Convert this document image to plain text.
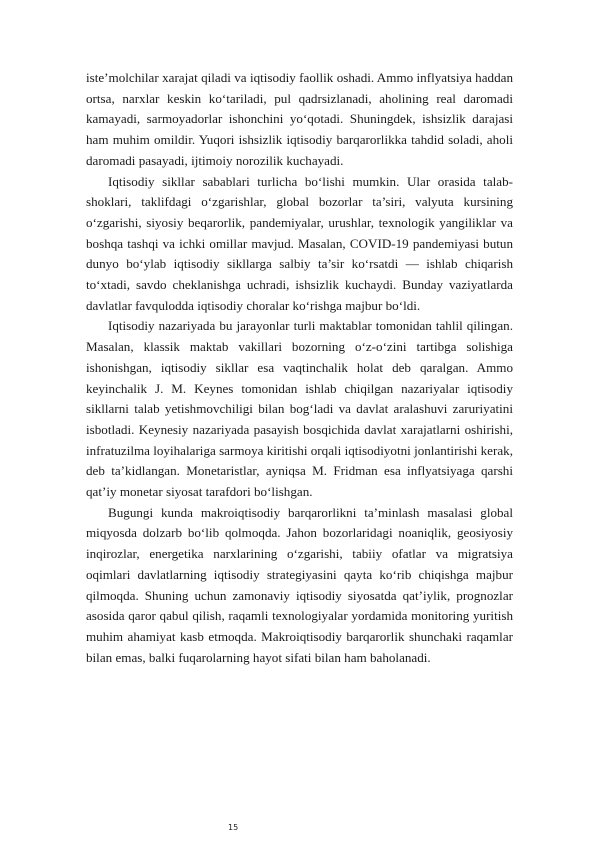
iste’molchilar xarajat qiladi va iqtisodiy faollik oshadi. Ammo inflyatsiya haddan ortsa, narxlar keskin ko‘tariladi, pul qadrsizlanadi, aholining real daromadi kamayadi, sarmoyadorlar ishonchini yo‘qotadi. Shuningdek, ishsizlik darajasi ham muhim omildir. Yuqori ishsizlik iqtisodiy barqarorlikka tahdid soladi, aholi daromadi pasayadi, ijtimoiy norozilik kuchayadi.

Iqtisodiy sikllar sabablari turlicha bo‘lishi mumkin. Ular orasida talab-shoklari, taklifdagi o‘zgarishlar, global bozorlar ta’siri, valyuta kursining o‘zgarishi, siyosiy beqarorlik, pandemiyalar, urushlar, texnologik yangiliklar va boshqa tashqi va ichki omillar mavjud. Masalan, COVID-19 pandemiyasi butun dunyo bo‘ylab iqtisodiy sikllarga salbiy ta’sir ko‘rsatdi — ishlab chiqarish to‘xtadi, savdo cheklanishga uchradi, ishsizlik kuchaydi. Bunday vaziyatlarda davlatlar favqulodda iqtisodiy choralar ko‘rishga majbur bo‘ldi.

Iqtisodiy nazariyada bu jarayonlar turli maktablar tomonidan tahlil qilingan. Masalan, klassik maktab vakillari bozorning o‘z-o‘zini tartibga solishiga ishonishgan, iqtisodiy sikllar esa vaqtinchalik holat deb qaralgan. Ammo keyinchalik J. M. Keynes tomonidan ishlab chiqilgan nazariyalar iqtisodiy sikllarni talab yetishmovchiligi bilan bog‘ladi va davlat aralashuvi zaruriyatini isbotladi. Keynesiy nazariyada pasayish bosqichida davlat xarajatlarni oshirishi, infratuzilma loyihalariga sarmoya kiritishi orqali iqtisodiyotni jonlantirishi kerak, deb ta’kidlangan. Monetaristlar, ayniqsa M. Fridman esa inflyatsiyaga qarshi qat’iy monetar siyosat tarafdori bo‘lishgan.

Bugungi kunda makroiqtisodiy barqarorlikni ta’minlash masalasi global miqyosda dolzarb bo‘lib qolmoqda. Jahon bozorlaridagi noaniqlik, geosiyosiy inqirozlar, energetika narxlarining o‘zgarishi, tabiiy ofatlar va migratsiya oqimlari davlatlarning iqtisodiy strategiyasini qayta ko‘rib chiqishga majbur qilmoqda. Shuning uchun zamonaviy iqtisodiy siyosatda qat’iylik, prognozlar asosida qaror qabul qilish, raqamli texnologiyalar yordamida monitoring yuritish muhim ahamiyat kasb etmoqda. Makroiqtisodiy barqarorlik shunchaki raqamlar bilan emas, balki fuqarolarning hayot sifati bilan ham baholanadi.

15
